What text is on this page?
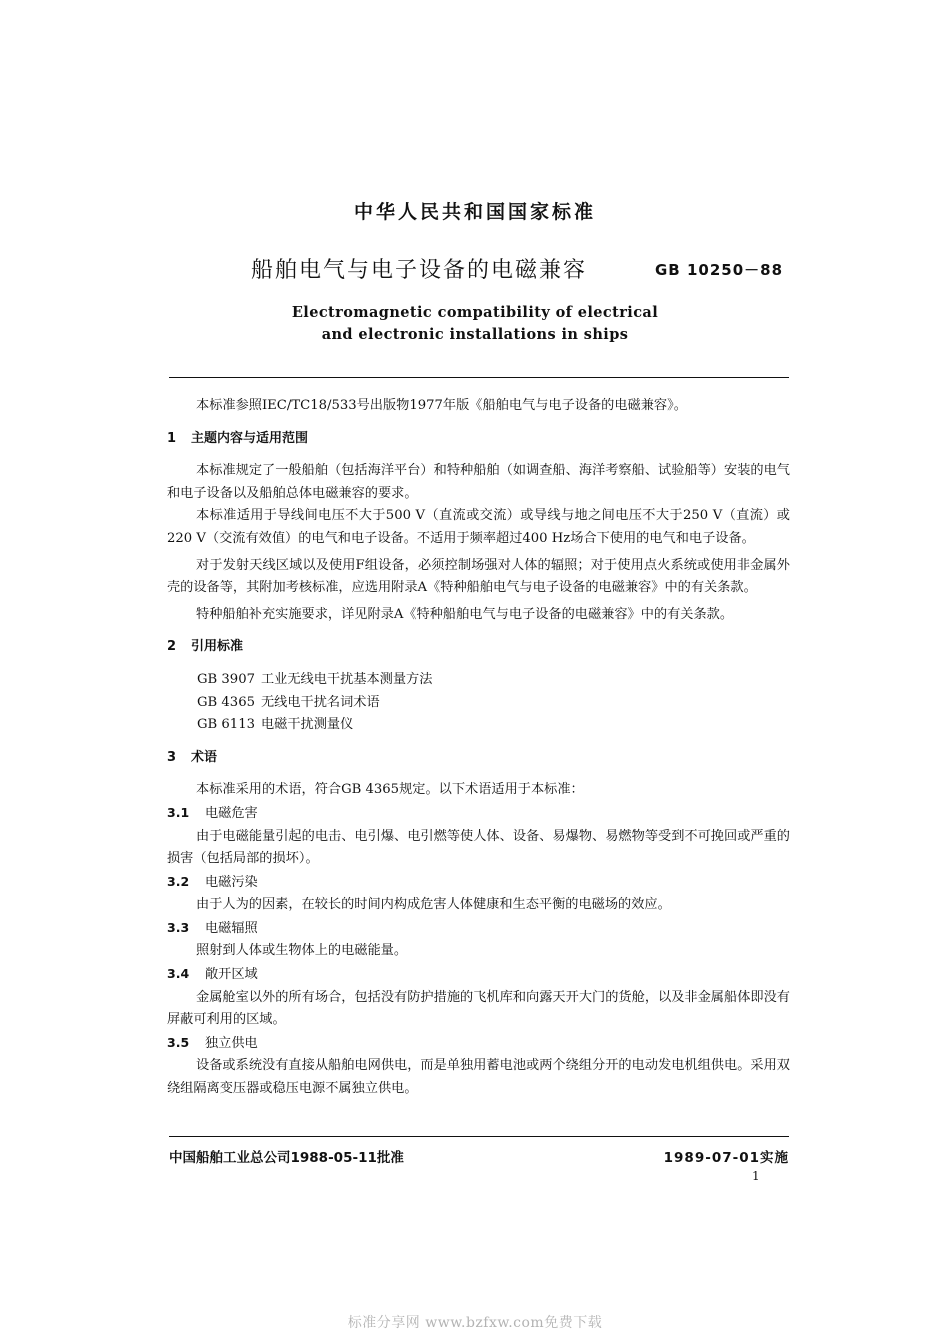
中华人民共和国国家标准
船舶电气与电子设备的电磁兼容	GB 10250－88
Electromagnetic compatibility of electrical
and electronic installations in ships

本标准参照IEC/TC18/533号出版物1977年版《船舶电气与电子设备的电磁兼容》。

1 主题内容与适用范围

本标准规定了一般船舶（包括海洋平台）和特种船舶（如调查船、海洋考察船、试验船等）安装的电气和电子设备以及船舶总体电磁兼容的要求。

本标准适用于导线间电压不大于500 V（直流或交流）或导线与地之间电压不大于250 V（直流）或220 V（交流有效值）的电气和电子设备。不适用于频率超过400 Hz场合下使用的电气和电子设备。

对于发射天线区域以及使用F组设备，必须控制场强对人体的辐照；对于使用点火系统或使用非金属外壳的设备等，其附加考核标准，应选用附录A《特种船舶电气与电子设备的电磁兼容》中的有关条款。

特种船舶补充实施要求，详见附录A《特种船舶电气与电子设备的电磁兼容》中的有关条款。

2 引用标准
GB 3907 工业无线电干扰基本测量方法
GB 4365 无线电干扰名词术语
GB 6113 电磁干扰测量仪
3 术语

本标准采用的术语，符合GB 4365规定。以下术语适用于本标准：

3.1 电磁危害

由于电磁能量引起的电击、电引爆、电引燃等使人体、设备、易爆物、易燃物等受到不可挽回或严重的损害（包括局部的损坏）。

3.2 电磁污染

由于人为的因素，在较长的时间内构成危害人体健康和生态平衡的电磁场的效应。

3.3 电磁辐照

照射到人体或生物体上的电磁能量。

3.4 敞开区域

金属舱室以外的所有场合，包括没有防护措施的飞机库和向露天开大门的货舱，以及非金属船体即没有屏蔽可利用的区域。

3.5 独立供电

设备或系统没有直接从船舶电网供电，而是单独用蓄电池或两个绕组分开的电动发电机组供电。采用双绕组隔离变压器或稳压电源不属独立供电。

中国船舶工业总公司1988-05-11批准	1989-07-01实施
1
标准分享网 www.bzfxw.com免费下载
